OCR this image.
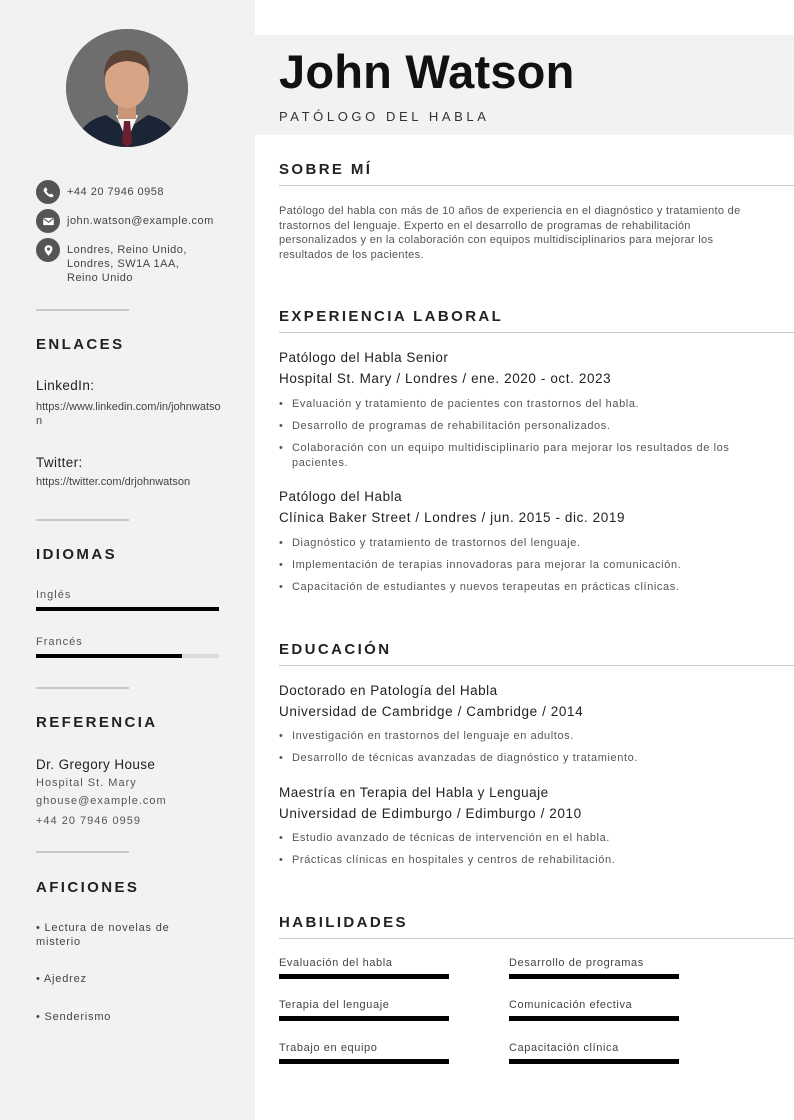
+44 20 7946 0958
john.watson@example.com
Londres, Reino Unido,
Londres, SW1A 1AA,
Reino Unido
ENLACES
LinkedIn:
https://www.linkedin.com/in/johnwatson
Twitter:
https://twitter.com/drjohnwatson
IDIOMAS
Inglés
Francés
REFERENCIA
Dr. Gregory House
Hospital St. Mary
ghouse@example.com
+44 20 7946 0959
AFICIONES
• Lectura de novelas de misterio
• Ajedrez
• Senderismo
John Watson
PATÓLOGO DEL HABLA
SOBRE MÍ
Patólogo del habla con más de 10 años de experiencia en el diagnóstico y tratamiento de trastornos del lenguaje. Experto en el desarrollo de programas de rehabilitación personalizados y en la colaboración con equipos multidisciplinarios para mejorar los resultados de los pacientes.
EXPERIENCIA LABORAL
Patólogo del Habla Senior
Hospital St. Mary / Londres / ene. 2020 - oct. 2023
• Evaluación y tratamiento de pacientes con trastornos del habla.
• Desarrollo de programas de rehabilitación personalizados.
• Colaboración con un equipo multidisciplinario para mejorar los resultados de los pacientes.
Patólogo del Habla
Clínica Baker Street / Londres / jun. 2015 - dic. 2019
• Diagnóstico y tratamiento de trastornos del lenguaje.
• Implementación de terapias innovadoras para mejorar la comunicación.
• Capacitación de estudiantes y nuevos terapeutas en prácticas clínicas.
EDUCACIÓN
Doctorado en Patología del Habla
Universidad de Cambridge / Cambridge / 2014
• Investigación en trastornos del lenguaje en adultos.
• Desarrollo de técnicas avanzadas de diagnóstico y tratamiento.
Maestría en Terapia del Habla y Lenguaje
Universidad de Edimburgo / Edimburgo / 2010
• Estudio avanzado de técnicas de intervención en el habla.
• Prácticas clínicas en hospitales y centros de rehabilitación.
HABILIDADES
Evaluación del habla	Desarrollo de programas
Terapia del lenguaje	Comunicación efectiva
Trabajo en equipo	Capacitación clínica
